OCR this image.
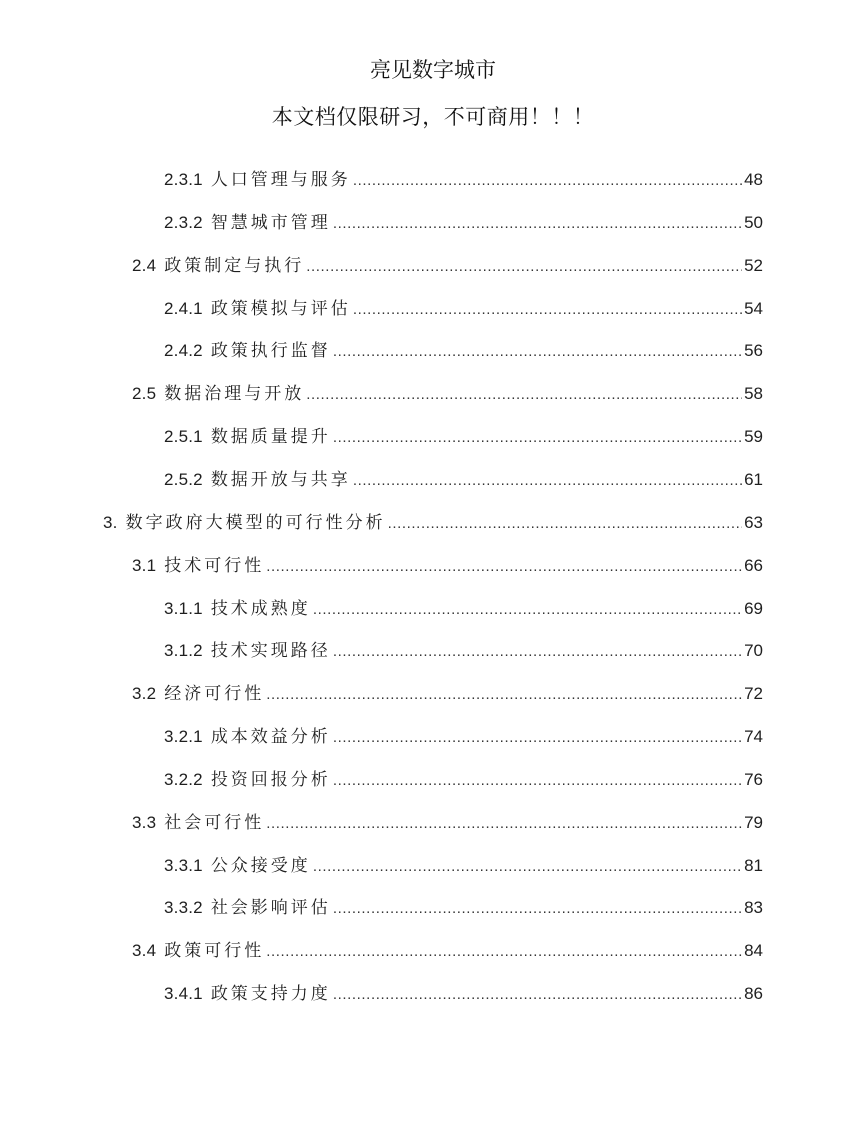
亮见数字城市
本文档仅限研习，不可商用！！！
2.3.1 人口管理与服务 .....	48
2.3.2 智慧城市管理 .....	50
2.4 政策制定与执行 .....	52
2.4.1 政策模拟与评估 .....	54
2.4.2 政策执行监督 .....	56
2.5 数据治理与开放 .....	58
2.5.1 数据质量提升 .....	59
2.5.2 数据开放与共享 .....	61
3. 数字政府大模型的可行性分析 .....	63
3.1 技术可行性 .....	66
3.1.1 技术成熟度 .....	69
3.1.2 技术实现路径 .....	70
3.2 经济可行性 .....	72
3.2.1 成本效益分析 .....	74
3.2.2 投资回报分析 .....	76
3.3 社会可行性 .....	79
3.3.1 公众接受度 .....	81
3.3.2 社会影响评估 .....	83
3.4 政策可行性 .....	84
3.4.1 政策支持力度 .....	86
